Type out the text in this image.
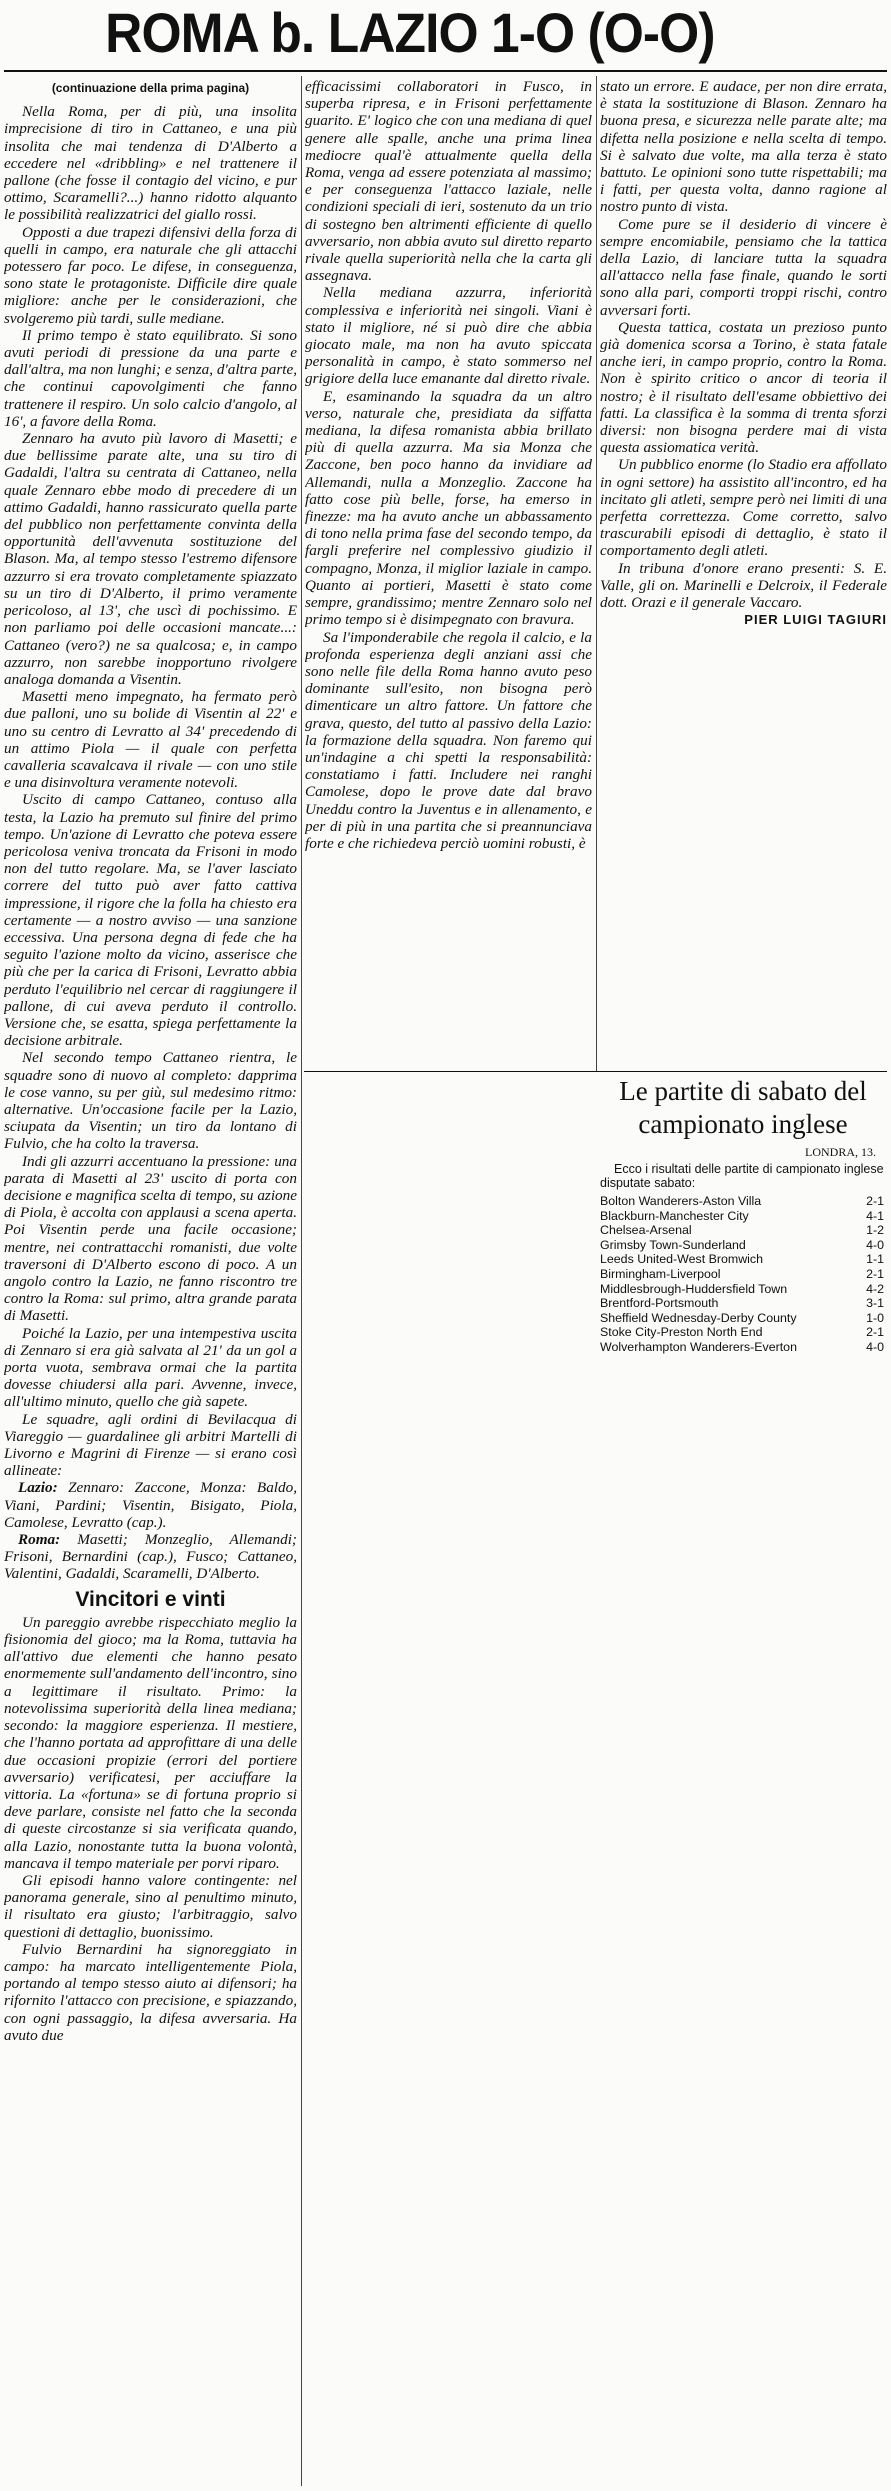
ROMA b. LAZIO 1-O (O-O)

(continuazione della prima pagina)

Nella Roma, per di più, una insolita imprecisione di tiro in Cattaneo, e una più insolita che mai tendenza di D'Alberto a eccedere nel «dribbling» e nel trattenere il pallone (che fosse il contagio del vicino, e pur ottimo, Scaramelli?...) hanno ridotto alquanto le possibilità realizzatrici del giallo rossi.

Opposti a due trapezi difensivi della forza di quelli in campo, era naturale che gli attacchi potessero far poco. Le difese, in conseguenza, sono state le protagoniste. Difficile dire quale migliore: anche per le considerazioni, che svolgeremo più tardi, sulle mediane.

Il primo tempo è stato equilibrato. Si sono avuti periodi di pressione da una parte e dall'altra, ma non lunghi; e senza, d'altra parte, che continui capovolgimenti che fanno trattenere il respiro. Un solo calcio d'angolo, al 16', a favore della Roma.

Zennaro ha avuto più lavoro di Masetti; e due bellissime parate alte, una su tiro di Gadaldi, l'altra su centrata di Cattaneo, nella quale Zennaro ebbe modo di precedere di un attimo Gadaldi, hanno rassicurato quella parte del pubblico non perfettamente convinta della opportunità dell'avvenuta sostituzione del Blason. Ma, al tempo stesso l'estremo difensore azzurro si era trovato completamente spiazzato su un tiro di D'Alberto, il primo veramente pericoloso, al 13', che uscì di pochissimo. E non parliamo poi delle occasioni mancate...: Cattaneo (vero?) ne sa qualcosa; e, in campo azzurro, non sarebbe inopportuno rivolgere analoga domanda a Visentin.

Masetti meno impegnato, ha fermato però due palloni, uno su bolide di Visentin al 22' e uno su centro di Levratto al 34' precedendo di un attimo Piola — il quale con perfetta cavalleria scavalcava il rivale — con uno stile e una disinvoltura veramente notevoli.

Uscito di campo Cattaneo, contuso alla testa, la Lazio ha premuto sul finire del primo tempo. Un'azione di Levratto che poteva essere pericolosa veniva troncata da Frisoni in modo non del tutto regolare. Ma, se l'aver lasciato correre del tutto può aver fatto cattiva impressione, il rigore che la folla ha chiesto era certamente — a nostro avviso — una sanzione eccessiva. Una persona degna di fede che ha seguito l'azione molto da vicino, asserisce che più che per la carica di Frisoni, Levratto abbia perduto l'equilibrio nel cercar di raggiungere il pallone, di cui aveva perduto il controllo. Versione che, se esatta, spiega perfettamente la decisione arbitrale.

Nel secondo tempo Cattaneo rientra, le squadre sono di nuovo al completo: dapprima le cose vanno, su per giù, sul medesimo ritmo: alternative. Un'occasione facile per la Lazio, sciupata da Visentin; un tiro da lontano di Fulvio, che ha colto la traversa.

Indi gli azzurri accentuano la pressione: una parata di Masetti al 23' uscito di porta con decisione e magnifica scelta di tempo, su azione di Piola, è accolta con applausi a scena aperta. Poi Visentin perde una facile occasione; mentre, nei contrattacchi romanisti, due volte traversoni di D'Alberto escono di poco. A un angolo contro la Lazio, ne fanno riscontro tre contro la Roma: sul primo, altra grande parata di Masetti.

Poiché la Lazio, per una intempestiva uscita di Zennaro si era già salvata al 21' da un gol a porta vuota, sembrava ormai che la partita dovesse chiudersi alla pari. Avvenne, invece, all'ultimo minuto, quello che già sapete.

Le squadre, agli ordini di Bevilacqua di Viareggio — guardalinee gli arbitri Martelli di Livorno e Magrini di Firenze — si erano così allineate:

Lazio: Zennaro: Zaccone, Monza: Baldo, Viani, Pardini; Visentin, Bisigato, Piola, Camolese, Levratto (cap.).

Roma: Masetti; Monzeglio, Allemandi; Frisoni, Bernardini (cap.), Fusco; Cattaneo, Valentini, Gadaldi, Scaramelli, D'Alberto.

Vincitori e vinti

Un pareggio avrebbe rispecchiato meglio la fisionomia del gioco; ma la Roma, tuttavia ha all'attivo due elementi che hanno pesato enormemente sull'andamento dell'incontro, sino a legittimare il risultato. Primo: la notevolissima superiorità della linea mediana; secondo: la maggiore esperienza. Il mestiere, che l'hanno portata ad approfittare di una delle due occasioni propizie (errori del portiere avversario) verificatesi, per acciuffare la vittoria. La «fortuna» se di fortuna proprio si deve parlare, consiste nel fatto che la seconda di queste circostanze si sia verificata quando, alla Lazio, nonostante tutta la buona volontà, mancava il tempo materiale per porvi riparo.

Gli episodi hanno valore contingente: nel panorama generale, sino al penultimo minuto, il risultato era giusto; l'arbitraggio, salvo questioni di dettaglio, buonissimo.

Fulvio Bernardini ha signoreggiato in campo: ha marcato intelligentemente Piola, portando al tempo stesso aiuto ai difensori; ha rifornito l'attacco con precisione, e spiazzando, con ogni passaggio, la difesa avversaria. Ha avuto due

efficacissimi collaboratori in Fusco, in superba ripresa, e in Frisoni perfettamente guarito. E' logico che con una mediana di quel genere alle spalle, anche una prima linea mediocre qual'è attualmente quella della Roma, venga ad essere potenziata al massimo; e per conseguenza l'attacco laziale, nelle condizioni speciali di ieri, sostenuto da un trio di sostegno ben altrimenti efficiente di quello avversario, non abbia avuto sul diretto reparto rivale quella superiorità nella che la carta gli assegnava.

Nella mediana azzurra, inferiorità complessiva e inferiorità nei singoli. Viani è stato il migliore, né si può dire che abbia giocato male, ma non ha avuto spiccata personalità in campo, è stato sommerso nel grigiore della luce emanante dal diretto rivale.

E, esaminando la squadra da un altro verso, naturale che, presidiata da siffatta mediana, la difesa romanista abbia brillato più di quella azzurra. Ma sia Monza che Zaccone, ben poco hanno da invidiare ad Allemandi, nulla a Monzeglio. Zaccone ha fatto cose più belle, forse, ha emerso in finezze: ma ha avuto anche un abbassamento di tono nella prima fase del secondo tempo, da fargli preferire nel complessivo giudizio il compagno, Monza, il miglior laziale in campo. Quanto ai portieri, Masetti è stato come sempre, grandissimo; mentre Zennaro solo nel primo tempo si è disimpegnato con bravura.

Sa l'imponderabile che regola il calcio, e la profonda esperienza degli anziani assi che sono nelle file della Roma hanno avuto peso dominante sull'esito, non bisogna però dimenticare un altro fattore. Un fattore che grava, questo, del tutto al passivo della Lazio: la formazione della squadra. Non faremo qui un'indagine a chi spetti la responsabilità: constatiamo i fatti. Includere nei ranghi Camolese, dopo le prove date dal bravo Uneddu contro la Juventus e in allenamento, e per di più in una partita che si preannunciava forte e che richiedeva perciò uomini robusti, è

stato un errore. E audace, per non dire errata, è stata la sostituzione di Blason. Zennaro ha buona presa, e sicurezza nelle parate alte; ma difetta nella posizione e nella scelta di tempo. Si è salvato due volte, ma alla terza è stato battuto. Le opinioni sono tutte rispettabili; ma i fatti, per questa volta, danno ragione al nostro punto di vista.

Come pure se il desiderio di vincere è sempre encomiabile, pensiamo che la tattica della Lazio, di lanciare tutta la squadra all'attacco nella fase finale, quando le sorti sono alla pari, comporti troppi rischi, contro avversari forti.

Questa tattica, costata un prezioso punto già domenica scorsa a Torino, è stata fatale anche ieri, in campo proprio, contro la Roma. Non è spirito critico o ancor di teoria il nostro; è il risultato dell'esame obbiettivo dei fatti. La classifica è la somma di trenta sforzi diversi: non bisogna perdere mai di vista questa assiomatica verità.

Un pubblico enorme (lo Stadio era affollato in ogni settore) ha assistito all'incontro, ed ha incitato gli atleti, sempre però nei limiti di una perfetta correttezza. Come corretto, salvo trascurabili episodi di dettaglio, è stato il comportamento degli atleti.

In tribuna d'onore erano presenti: S. E. Valle, gli on. Marinelli e Delcroix, il Federale dott. Orazi e il generale Vaccaro.

PIER LUIGI TAGIURI

Le partite di sabato del campionato inglese
LONDRA, 13.

Ecco i risultati delle partite di campionato inglese disputate sabato:

Bolton Wanderers-Aston Villa	2-1
Blackburn-Manchester City	4-1
Chelsea-Arsenal	1-2
Grimsby Town-Sunderland	4-0
Leeds United-West Bromwich	1-1
Birmingham-Liverpool	2-1
Middlesbrough-Huddersfield Town	4-2
Brentford-Portsmouth	3-1
Sheffield Wednesday-Derby County	1-0
Stoke City-Preston North End	2-1
Wolverhampton Wanderers-Everton	4-0
